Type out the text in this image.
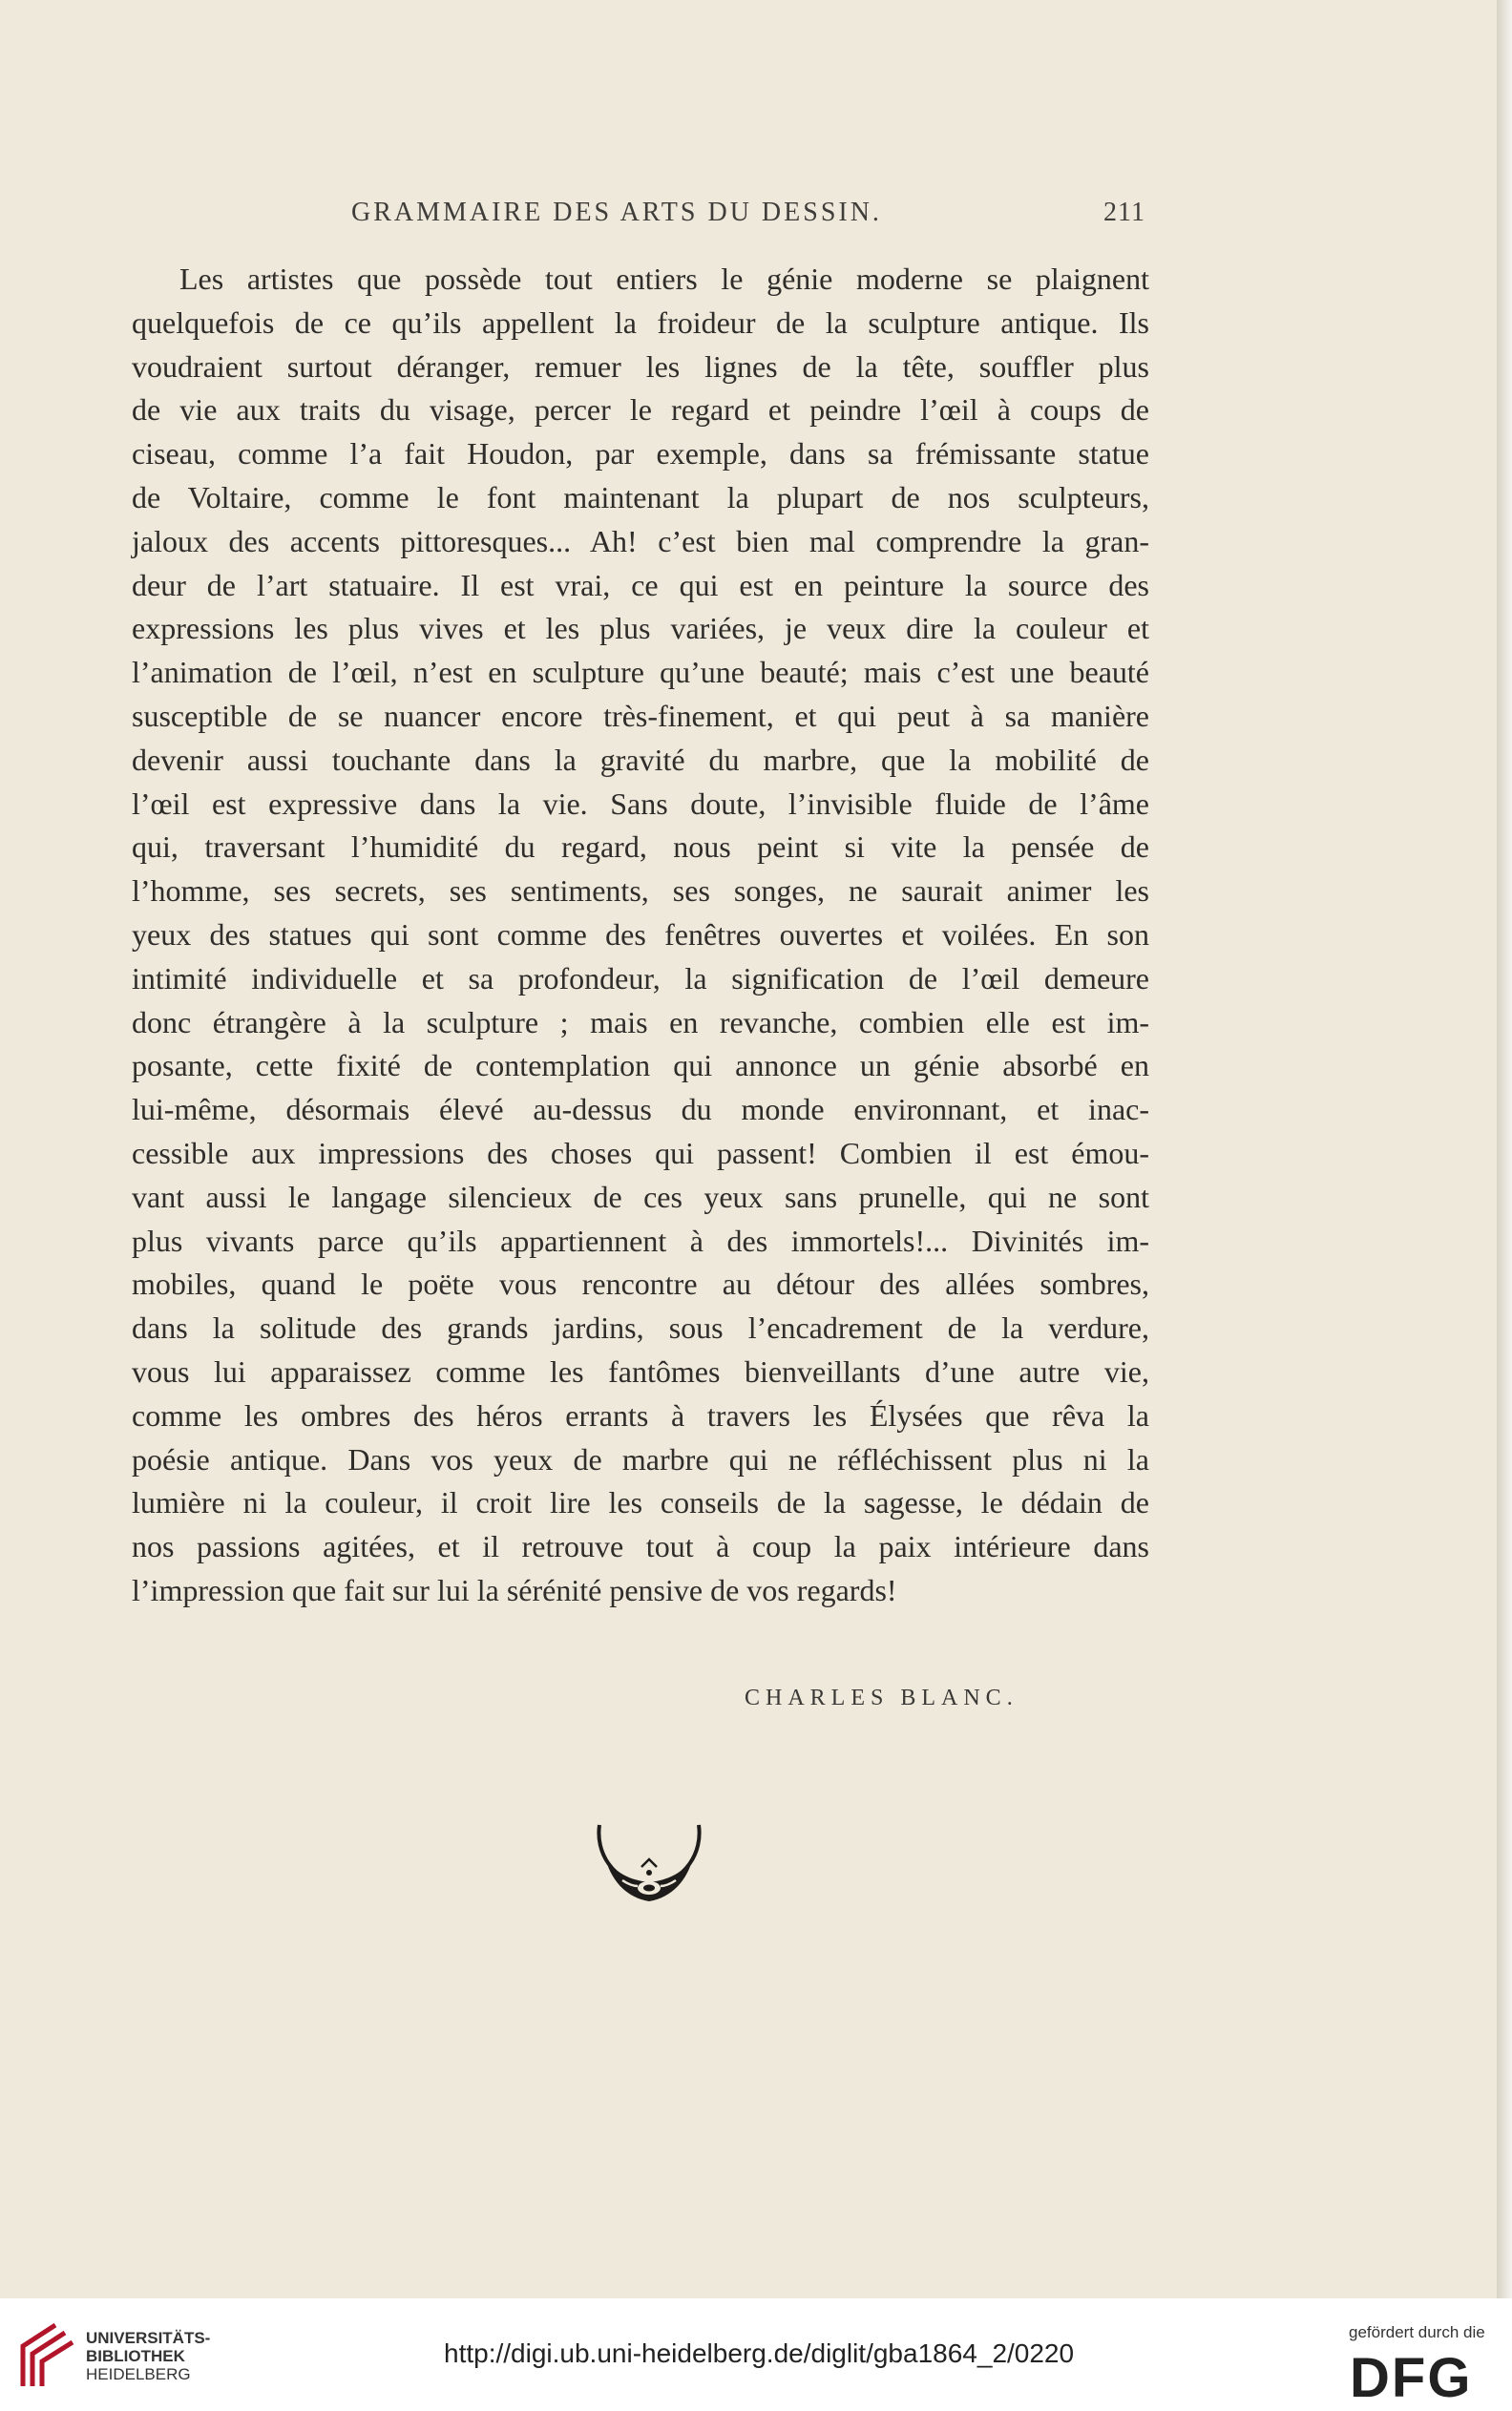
GRAMMAIRE DES ARTS DU DESSIN.	211
Les artistes que possède tout entiers le génie moderne se plaignent
quelquefois de ce qu’ils appellent la froideur de la sculpture antique. Ils
voudraient surtout déranger, remuer les lignes de la tête, souffler plus
de vie aux traits du visage, percer le regard et peindre l’œil à coups de
ciseau, comme l’a fait Houdon, par exemple, dans sa frémissante statue
de Voltaire, comme le font maintenant la plupart de nos sculpteurs,
jaloux des accents pittoresques... Ah! c’est bien mal comprendre la gran-
deur de l’art statuaire. Il est vrai, ce qui est en peinture la source des
expressions les plus vives et les plus variées, je veux dire la couleur et
l’animation de l’œil, n’est en sculpture qu’une beauté; mais c’est une beauté
susceptible de se nuancer encore très-finement, et qui peut à sa manière
devenir aussi touchante dans la gravité du marbre, que la mobilité de
l’œil est expressive dans la vie. Sans doute, l’invisible fluide de l’âme
qui, traversant l’humidité du regard, nous peint si vite la pensée de
l’homme, ses secrets, ses sentiments, ses songes, ne saurait animer les
yeux des statues qui sont comme des fenêtres ouvertes et voilées. En son
intimité individuelle et sa profondeur, la signification de l’œil demeure
donc étrangère à la sculpture ; mais en revanche, combien elle est im-
posante, cette fixité de contemplation qui annonce un génie absorbé en
lui-même, désormais élevé au-dessus du monde environnant, et inac-
cessible aux impressions des choses qui passent! Combien il est émou-
vant aussi le langage silencieux de ces yeux sans prunelle, qui ne sont
plus vivants parce qu’ils appartiennent à des immortels!... Divinités im-
mobiles, quand le poëte vous rencontre au détour des allées sombres,
dans la solitude des grands jardins, sous l’encadrement de la verdure,
vous lui apparaissez comme les fantômes bienveillants d’une autre vie,
comme les ombres des héros errants à travers les Élysées que rêva la
poésie antique. Dans vos yeux de marbre qui ne réfléchissent plus ni la
lumière ni la couleur, il croit lire les conseils de la sagesse, le dédain de
nos passions agitées, et il retrouve tout à coup la paix intérieure dans
l’impression que fait sur lui la sérénité pensive de vos regards!
CHARLES BLANC.
UNIVERSITÄTS-
BIBLIOTHEK
HEIDELBERG
http://digi.ub.uni-heidelberg.de/diglit/gba1864_2/0220
gefördert durch die
DFG
